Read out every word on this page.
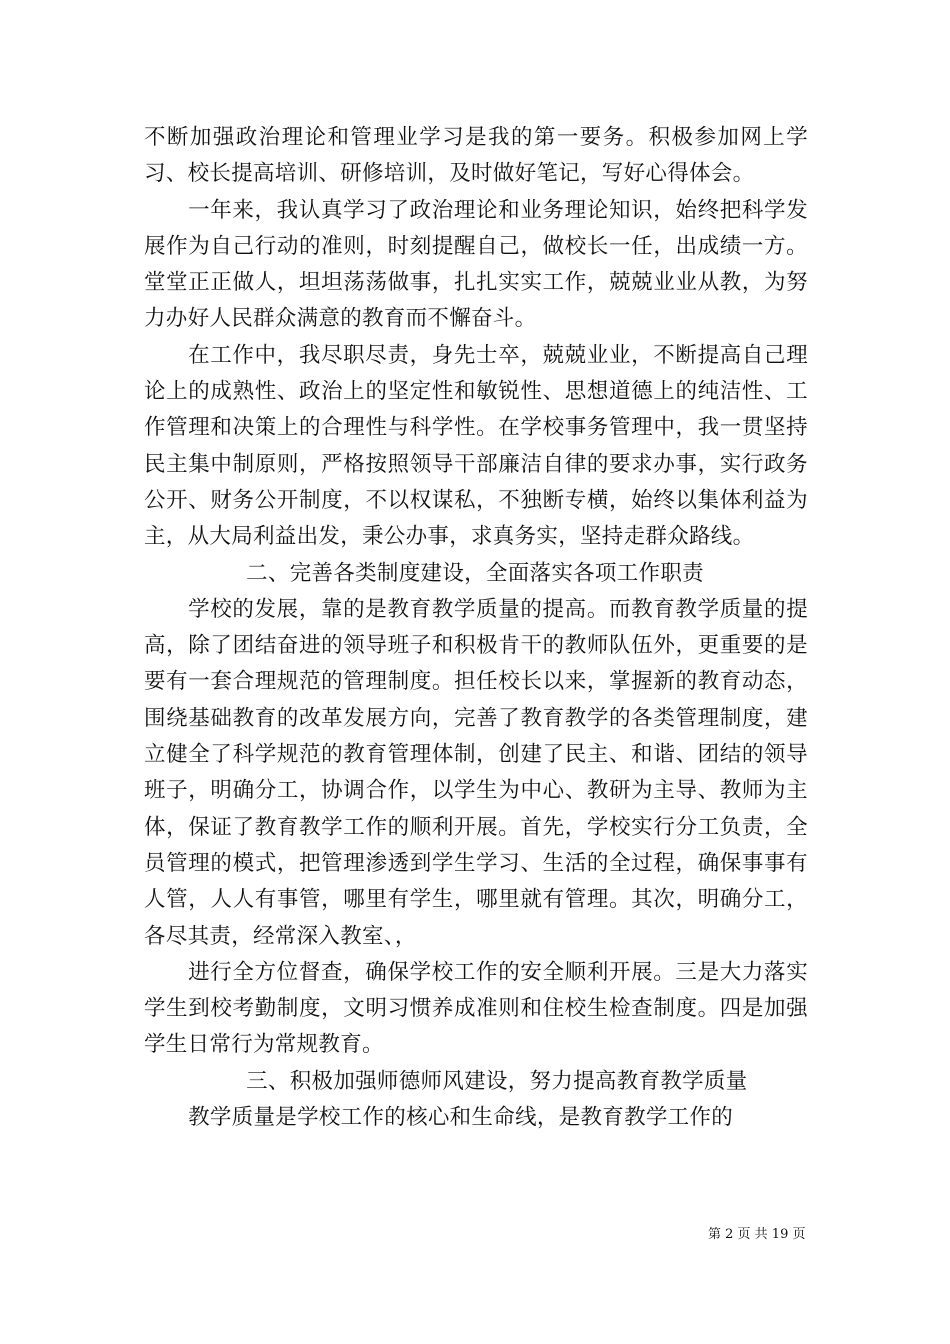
不断加强政治理论和管理业学习是我的第一要务。积极参加网上学习、校长提高培训、研修培训，及时做好笔记，写好心得体会。

一年来，我认真学习了政治理论和业务理论知识，始终把科学发展作为自己行动的准则，时刻提醒自己，做校长一任，出成绩一方。堂堂正正做人，坦坦荡荡做事，扎扎实实工作，兢兢业业从教，为努力办好人民群众满意的教育而不懈奋斗。

在工作中，我尽职尽责，身先士卒，兢兢业业，不断提高自己理论上的成熟性、政治上的坚定性和敏锐性、思想道德上的纯洁性、工作管理和决策上的合理性与科学性。在学校事务管理中，我一贯坚持民主集中制原则，严格按照领导干部廉洁自律的要求办事，实行政务公开、财务公开制度，不以权谋私，不独断专横，始终以集体利益为主，从大局利益出发，秉公办事，求真务实，坚持走群众路线。

二、完善各类制度建设，全面落实各项工作职责

学校的发展，靠的是教育教学质量的提高。而教育教学质量的提高，除了团结奋进的领导班子和积极肯干的教师队伍外，更重要的是要有一套合理规范的管理制度。担任校长以来，掌握新的教育动态，围绕基础教育的改革发展方向，完善了教育教学的各类管理制度，建立健全了科学规范的教育管理体制，创建了民主、和谐、团结的领导班子，明确分工，协调合作，以学生为中心、教研为主导、教师为主体，保证了教育教学工作的顺利开展。首先，学校实行分工负责，全员管理的模式，把管理渗透到学生学习、生活的全过程，确保事事有人管，人人有事管，哪里有学生，哪里就有管理。其次，明确分工，各尽其责，经常深入教室、，

进行全方位督查，确保学校工作的安全顺利开展。三是大力落实学生到校考勤制度，文明习惯养成准则和住校生检查制度。四是加强学生日常行为常规教育。

三、积极加强师德师风建设，努力提高教育教学质量

教学质量是学校工作的核心和生命线，是教育教学工作的

第 2 页 共 19 页
